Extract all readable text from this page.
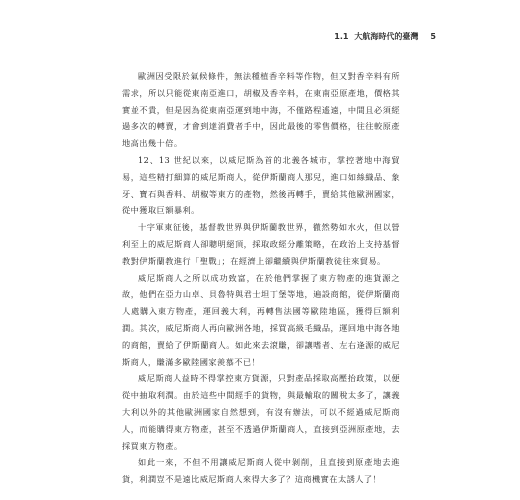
1.1 大航海時代的臺灣 5

歐洲因受限於氣候條件，無法種植香辛料等作物，但又對香辛料有所需求，所以只能從東南亞進口，胡椒及香辛料，在東南亞原產地，價格其實並不貴，但是因為從東南亞運到地中海，不僅路程遙遠，中間且必須經過多次的轉賣，才會到達消費者手中，因此最後的零售價格，往往較原產地高出幾十倍。

12、13 世紀以來，以威尼斯為首的北義各城市，掌控著地中海貿易，這些精打細算的威尼斯商人，從伊斯蘭商人那兒，進口如絲織品、象牙、寶石與香料、胡椒等東方的產物，然後再轉手，賣給其他歐洲國家，從中獲取巨額暴利。

十字軍東征後，基督教世界與伊斯蘭教世界，徹然勢如水火，但以營利至上的威尼斯商人卻聰明絕頂，採取政經分離策略，在政治上支持基督教對伊斯蘭教進行「聖戰」；在經濟上卻繼續與伊斯蘭教徒往來貿易。

威尼斯商人之所以成功致富，在於他們掌握了東方物產的進貨源之故，他們在亞力山卓、貝魯特與君士坦丁堡等地，遍設商館，從伊斯蘭商人處購入東方物產，運回義大利，再轉售法國等歐陸地區，獲得巨額利潤。其次，威尼斯商人再向歐洲各地，採買高級毛織品，運回地中海各地的商館，賣給了伊斯蘭商人。如此來去滾賺，卻讓嗜者、左右逢源的威尼斯商人，賺滿多歐陸國家羨慕不已！

威尼斯商人益時不得掌控東方貨源，只對產品採取高壓抬政策，以便從中抽取利潤。由於這些中間經手的貨物，與最輸取的關稅太多了，讓義大利以外的其他歐洲國家自然想到，有沒有辦法，可以不經過威尼斯商人，而能購得東方物產，甚至不透過伊斯蘭商人，直接到亞洲原產地，去採買東方物產。

如此一來，不但不用讓威尼斯商人從中剝削，且直接到原產地去進貨，利潤豈不是遠比威尼斯商人來得大多了？這商機實在太誘人了！
